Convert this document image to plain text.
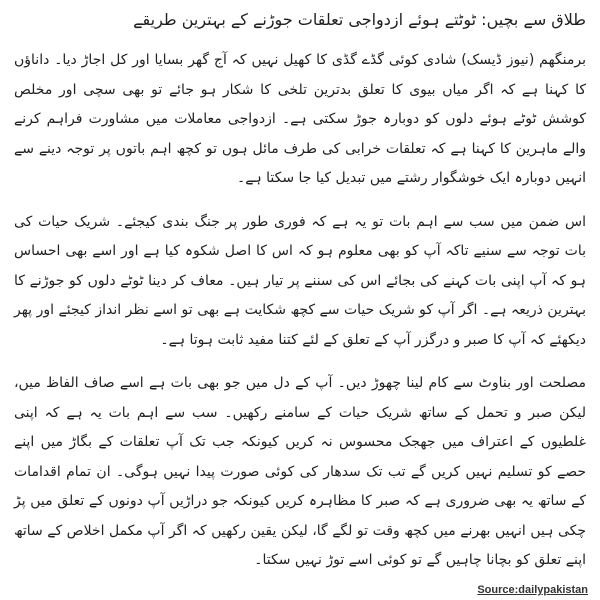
طلاق سے بچیں: ٹوٹتے ہوئے ازدواجی تعلقات جوڑنے کے بہترین طریقے

برمنگھم (نیوز ڈیسک) شادی کوئی گڈے گڈی کا کھیل نہیں کہ آج گھر بسایا اور کل اجاڑ دیا۔ داناؤں کا کہنا ہے کہ اگر میاں بیوی کا تعلق بدترین تلخی کا شکار ہو جائے تو بھی سچی اور مخلص کوشش ٹوٹے ہوئے دلوں کو دوبارہ جوڑ سکتی ہے۔ ازدواجی معاملات میں مشاورت فراہم کرنے والے ماہرین کا کہنا ہے کہ تعلقات خرابی کی طرف مائل ہوں تو کچھ اہم باتوں پر توجہ دینے سے انہیں دوبارہ ایک خوشگوار رشتے میں تبدیل کیا جا سکتا ہے۔

اس ضمن میں سب سے اہم بات تو یہ ہے کہ فوری طور پر جنگ بندی کیجئے۔ شریک حیات کی بات توجہ سے سنیے تاکہ آپ کو بھی معلوم ہو کہ اس کا اصل شکوہ کیا ہے اور اسے بھی احساس ہو کہ آپ اپنی بات کہنے کی بجائے اس کی سننے پر تیار ہیں۔ معاف کر دینا ٹوٹے دلوں کو جوڑنے کا بہترین ذریعہ ہے۔ اگر آپ کو شریک حیات سے کچھ شکایت ہے بھی تو اسے نظر انداز کیجئے اور پھر دیکھئے کہ آپ کا صبر و درگزر آپ کے تعلق کے لئے کتنا مفید ثابت ہوتا ہے۔

مصلحت اور بناوٹ سے کام لینا چھوڑ دیں۔ آپ کے دل میں جو بھی بات ہے اسے صاف الفاظ میں، لیکن صبر و تحمل کے ساتھ شریک حیات کے سامنے رکھیں۔ سب سے اہم بات یہ ہے کہ اپنی غلطیوں کے اعتراف میں جھجک محسوس نہ کریں کیونکہ جب تک آپ تعلقات کے بگاڑ میں اپنے حصے کو تسلیم نہیں کریں گے تب تک سدھار کی کوئی صورت پیدا نہیں ہوگی۔ ان تمام اقدامات کے ساتھ یہ بھی ضروری ہے کہ صبر کا مظاہرہ کریں کیونکہ جو دراڑیں آپ دونوں کے تعلق میں پڑ چکی ہیں انہیں بھرنے میں کچھ وقت تو لگے گا، لیکن یقین رکھیں کہ اگر آپ مکمل اخلاص کے ساتھ اپنے تعلق کو بچانا چاہیں گے تو کوئی اسے توڑ نہیں سکتا۔

Source:dailypakistan
